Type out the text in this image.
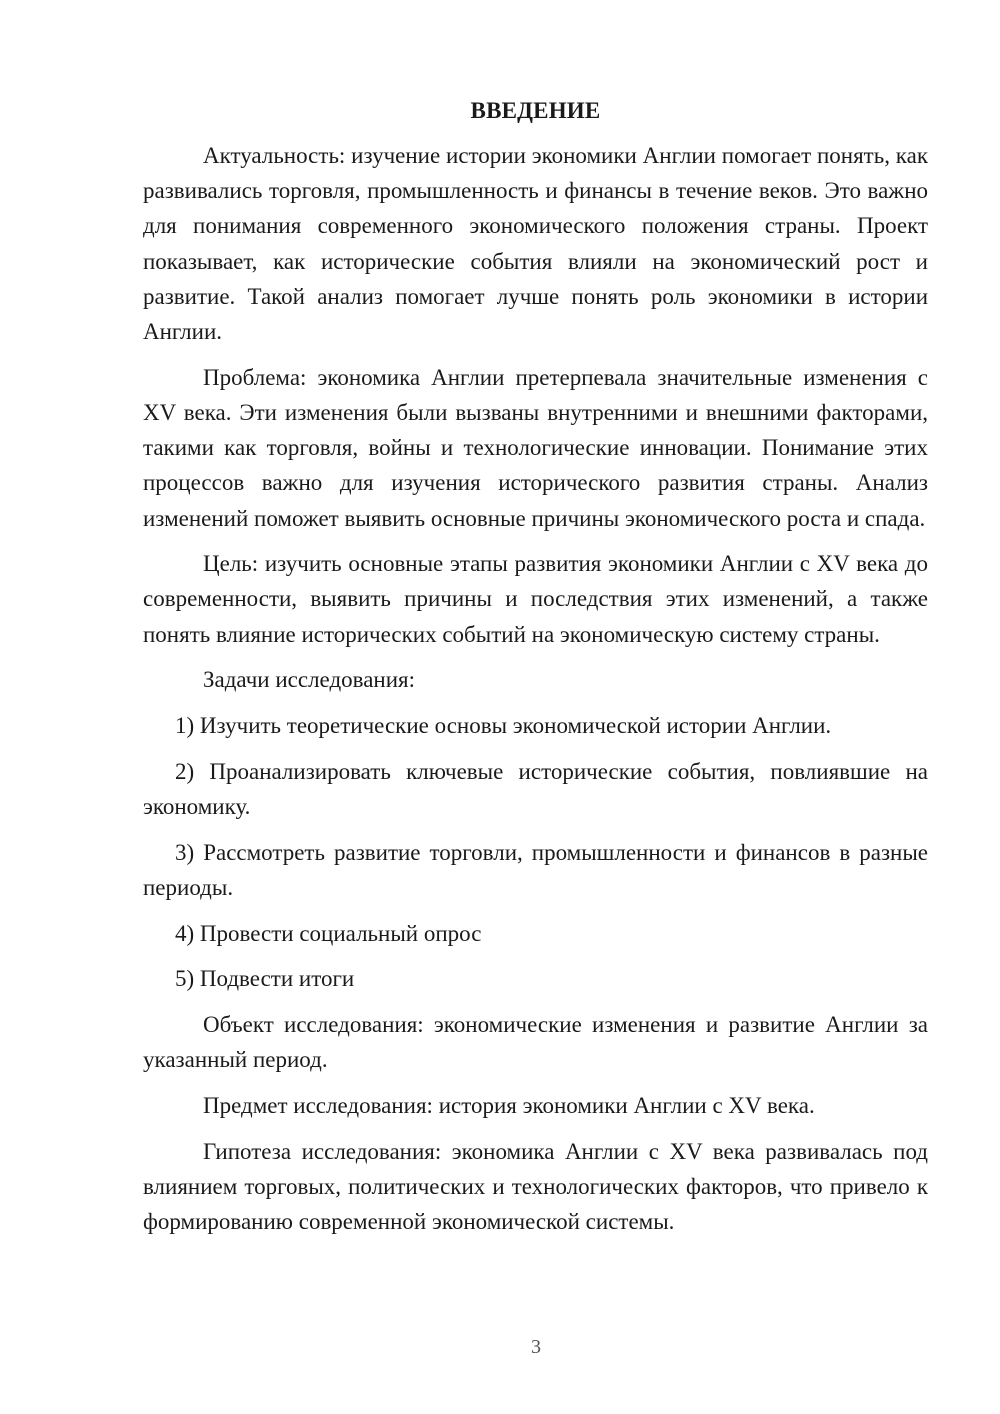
ВВЕДЕНИЕ

Актуальность: изучение истории экономики Англии помогает понять, как развивались торговля, промышленность и финансы в течение веков. Это важно для понимания современного экономического положения страны. Проект показывает, как исторические события влияли на экономический рост и развитие. Такой анализ помогает лучше понять роль экономики в истории Англии.

Проблема: экономика Англии претерпевала значительные изменения с XV века. Эти изменения были вызваны внутренними и внешними факторами, такими как торговля, войны и технологические инновации. Понимание этих процессов важно для изучения исторического развития страны. Анализ изменений поможет выявить основные причины экономического роста и спада.

Цель: изучить основные этапы развития экономики Англии с XV века до современности, выявить причины и последствия этих изменений, а также понять влияние исторических событий на экономическую систему страны.

Задачи исследования:

1) Изучить теоретические основы экономической истории Англии.

2) Проанализировать ключевые исторические события, повлиявшие на экономику.

3) Рассмотреть развитие торговли, промышленности и финансов в разные периоды.

4) Провести социальный опрос

5) Подвести итоги

Объект исследования: экономические изменения и развитие Англии за указанный период.

Предмет исследования: история экономики Англии с XV века.

Гипотеза исследования: экономика Англии с XV века развивалась под влиянием торговых, политических и технологических факторов, что привело к формированию современной экономической системы.

3
